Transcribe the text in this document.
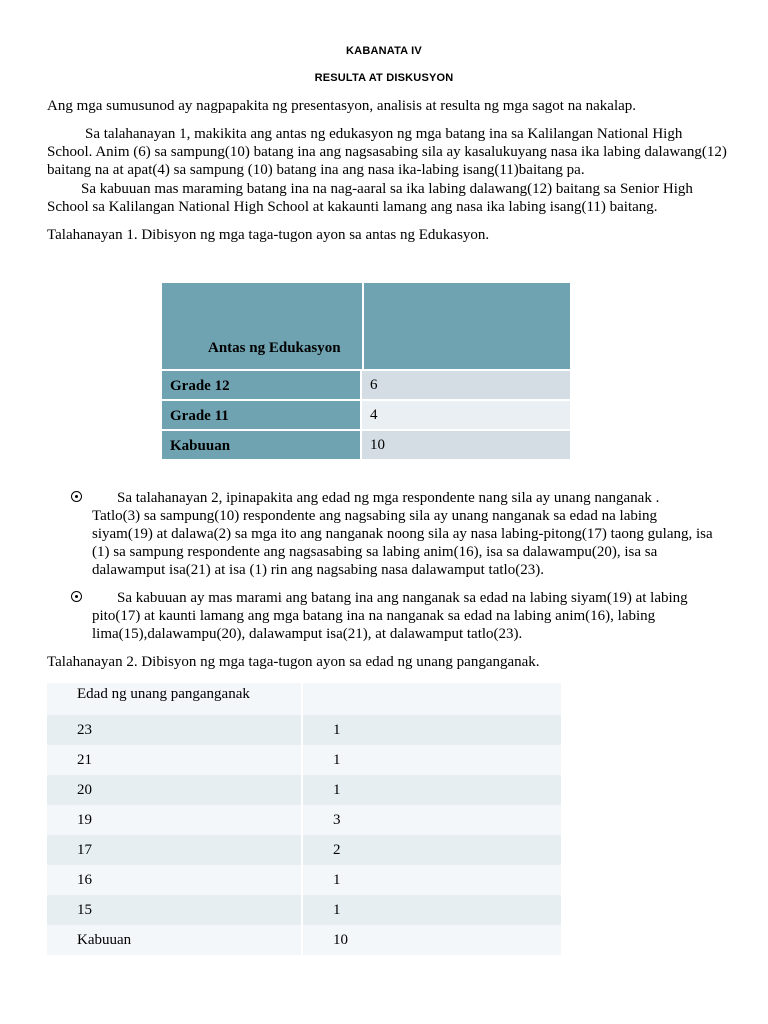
KABANATA IV
RESULTA AT DISKUSYON

Ang mga sumusunod ay nagpapakita ng presentasyon, analisis at resulta ng mga sagot na nakalap.

Sa talahanayan 1, makikita ang antas ng edukasyon ng mga batang ina sa Kalilangan National High School. Anim (6) sa sampung(10) batang ina ang nagsasabing sila ay kasalukuyang nasa ika labing dalawang(12) baitang na at apat(4) sa sampung (10) batang ina ang nasa ika-labing isang(11)baitang pa.

Sa kabuuan mas maraming batang ina na nag-aaral sa ika labing dalawang(12) baitang sa Senior High School sa Kalilangan National High School at kakaunti lamang ang nasa ika labing isang(11) baitang.

Talahanayan 1. Dibisyon ng mga taga-tugon ayon sa antas ng Edukasyon.

Antas ng Edukasyon
Grade 12	6
Grade 11	4
Kabuuan	10

Sa talahanayan 2, ipinapakita ang edad ng mga respondente nang sila ay unang nanganak .
Tatlo(3) sa sampung(10) respondente ang nagsabing sila ay unang nanganak sa edad na labing siyam(19) at dalawa(2) sa mga ito ang nanganak noong sila ay nasa labing-pitong(17) taong gulang, isa (1) sa sampung respondente ang nagsasabing sa labing anim(16), isa sa dalawampu(20), isa sa dalawamput isa(21) at isa (1) rin ang nagsabing nasa dalawamput tatlo(23).

Sa kabuuan ay mas marami ang batang ina ang nanganak sa edad na labing siyam(19) at labing
pito(17) at kaunti lamang ang mga batang ina na nanganak sa edad na labing anim(16), labing lima(15),dalawampu(20), dalawamput isa(21), at dalawamput tatlo(23).

Talahanayan 2. Dibisyon ng mga taga-tugon ayon sa edad ng unang panganganak.

Edad ng unang panganganak
23	1
21	1
20	1
19	3
17	2
16	1
15	1
Kabuuan	10
